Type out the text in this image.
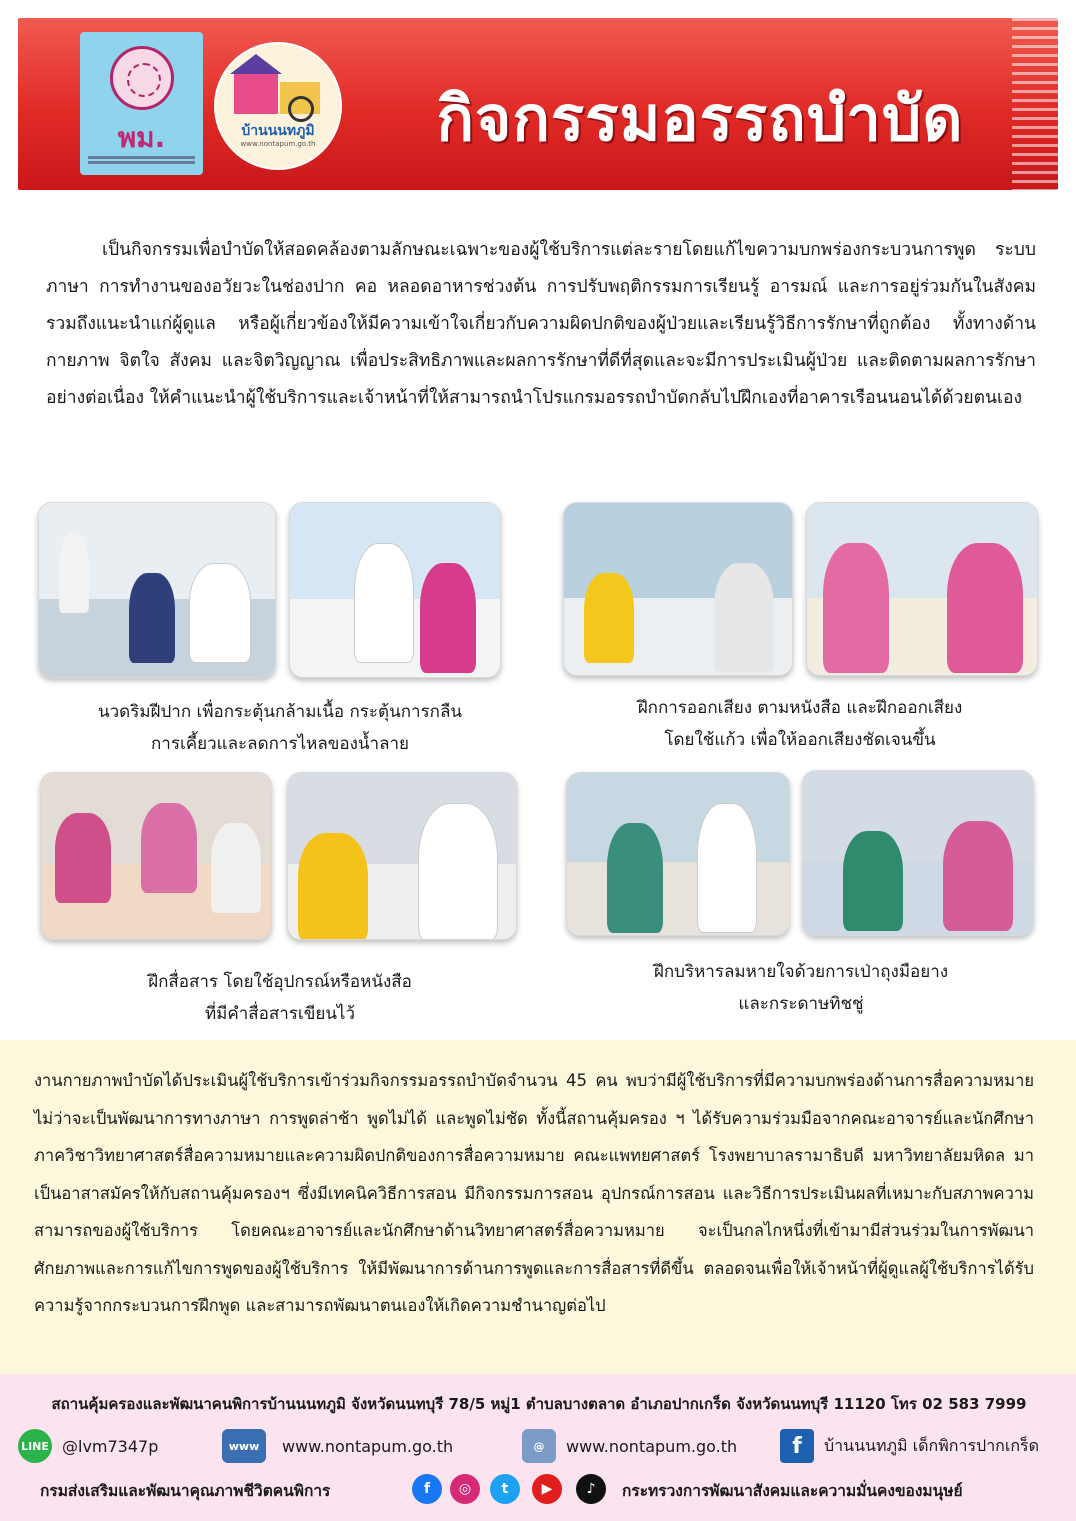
พม.	บ้านนนทภูมิ
www.nontapum.go.th	กิจกรรมอรรถบำบัด

เป็นกิจกรรมเพื่อบำบัดให้สอดคล้องตามลักษณะเฉพาะของผู้ใช้บริการแต่ละรายโดยแก้ไขความบกพร่องกระบวนการพูด ระบบภาษา การทำงานของอวัยวะในช่องปาก คอ หลอดอาหารช่วงต้น การปรับพฤติกรรมการเรียนรู้ อารมณ์ และการอยู่ร่วมกันในสังคม รวมถึงแนะนำแก่ผู้ดูแล หรือผู้เกี่ยวข้องให้มีความเข้าใจเกี่ยวกับความผิดปกติของผู้ป่วยและเรียนรู้วิธีการรักษาที่ถูกต้อง ทั้งทางด้านกายภาพ จิตใจ สังคม และจิตวิญญาณ เพื่อประสิทธิภาพและผลการรักษาที่ดีที่สุดและจะมีการประเมินผู้ป่วย และติดตามผลการรักษาอย่างต่อเนื่อง ให้คำแนะนำผู้ใช้บริการและเจ้าหน้าที่ให้สามารถนำโปรแกรมอรรถบำบัดกลับไปฝึกเองที่อาคารเรือนนอนได้ด้วยตนเอง

นวดริมฝีปาก เพื่อกระตุ้นกล้ามเนื้อ กระตุ้นการกลืน
การเคี้ยวและลดการไหลของน้ำลาย
ฝึกการออกเสียง ตามหนังสือ และฝึกออกเสียง
โดยใช้แก้ว เพื่อให้ออกเสียงชัดเจนขึ้น
ฝึกสื่อสาร โดยใช้อุปกรณ์หรือหนังสือ
ที่มีคำสื่อสารเขียนไว้
ฝึกบริหารลมหายใจด้วยการเป่าถุงมือยาง
และกระดาษทิชชู่

งานกายภาพบำบัดได้ประเมินผู้ใช้บริการเข้าร่วมกิจกรรมอรรถบำบัดจำนวน 45 คน พบว่ามีผู้ใช้บริการที่มีความบกพร่องด้านการสื่อความหมาย ไม่ว่าจะเป็นพัฒนาการทางภาษา การพูดล่าช้า พูดไม่ได้ และพูดไม่ชัด ทั้งนี้สถานคุ้มครอง ฯ ได้รับความร่วมมือจากคณะอาจารย์และนักศึกษา ภาควิชาวิทยาศาสตร์สื่อความหมายและความผิดปกติของการสื่อความหมาย คณะแพทยศาสตร์ โรงพยาบาลรามาธิบดี มหาวิทยาลัยมหิดล มาเป็นอาสาสมัครให้กับสถานคุ้มครองฯ ซึ่งมีเทคนิควิธีการสอน มีกิจกรรมการสอน อุปกรณ์การสอน และวิธีการประเมินผลที่เหมาะกับสภาพความสามารถของผู้ใช้บริการ โดยคณะอาจารย์และนักศึกษาด้านวิทยาศาสตร์สื่อความหมาย จะเป็นกลไกหนึ่งที่เข้ามามีส่วนร่วมในการพัฒนาศักยภาพและการแก้ไขการพูดของผู้ใช้บริการ ให้มีพัฒนาการด้านการพูดและการสื่อสารที่ดีขึ้น ตลอดจนเพื่อให้เจ้าหน้าที่ผู้ดูแลผู้ใช้บริการได้รับความรู้จากกระบวนการฝึกพูด และสามารถพัฒนาตนเองให้เกิดความชำนาญต่อไป

สถานคุ้มครองและพัฒนาคนพิการบ้านนนทภูมิ จังหวัดนนทบุรี 78/5 หมู่1 ตำบลบางตลาด อำเภอปากเกร็ด จังหวัดนนทบุรี 11120 โทร 02 583 7999
LINE @lvm7347p	www	www.nontapum.go.th	@	www.nontapum.go.th	f	บ้านนนทภูมิ เด็กพิการปากเกร็ด
กรมส่งเสริมและพัฒนาคุณภาพชีวิตคนพิการ	f	◎	t	▶	♪	กระทรวงการพัฒนาสังคมและความมั่นคงของมนุษย์
